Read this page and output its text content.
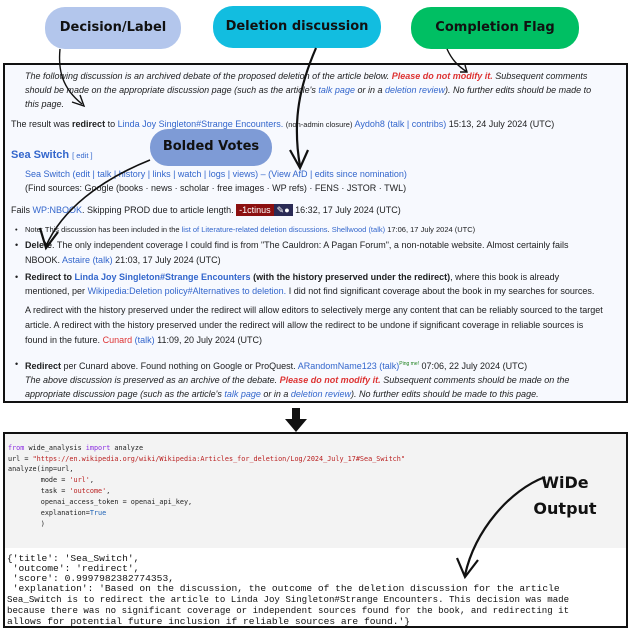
Decision/Label	Deletion discussion	Completion Flag
The following discussion is an archived debate of the proposed deletion of the article below. Please do not modify it. Subsequent comments
should be made on the appropriate discussion page (such as the article's talk page or in a deletion review). No further edits should be made to
this page.
The result was redirect to Linda Joy Singleton#Strange Encounters. (non-admin closure) Aydoh8 (talk | contribs) 15:13, 24 July 2024 (UTC)
Sea Switch [ edit ]
Sea Switch (edit | talk | history | links | watch | logs | views) – (View AfD | edits since nomination)
(Find sources: Google (books · news · scholar · free images · WP refs) · FENS · JSTOR · TWL)
Fails WP:NBOOK. Skipping PROD due to article length. -1ctinus ✎● 16:32, 17 July 2024 (UTC)
• Note: This discussion has been included in the list of Literature-related deletion discussions. Shellwood (talk) 17:06, 17 July 2024 (UTC)
• Delete. The only independent coverage I could find is from "The Cauldron: A Pagan Forum", a non-notable website. Almost certainly fails
NBOOK. Astaire (talk) 21:03, 17 July 2024 (UTC)
• Redirect to Linda Joy Singleton#Strange Encounters (with the history preserved under the redirect), where this book is already
mentioned, per Wikipedia:Deletion policy#Alternatives to deletion. I did not find significant coverage about the book in my searches for sources.
A redirect with the history preserved under the redirect will allow editors to selectively merge any content that can be reliably sourced to the target
article. A redirect with the history preserved under the redirect will allow the redirect to be undone if significant coverage in reliable sources is
found in the future. Cunard (talk) 11:09, 20 July 2024 (UTC)
• Redirect per Cunard above. Found nothing on Google or ProQuest. ARandomName123 (talk)$^{Ping me!}$ 07:06, 22 July 2024 (UTC)
The above discussion is preserved as an archive of the debate. Please do not modify it. Subsequent comments should be made on the
appropriate discussion page (such as the article's talk page or in a deletion review). No further edits should be made to this page.
Bolded Votes
from wide_analysis import analyze
url = "https://en.wikipedia.org/wiki/Wikipedia:Articles_for_deletion/Log/2024_July_17#Sea_Switch"
analyze(inp=url,
mode = 'url',
task = 'outcome',
openai_access_token = openai_api_key,
explanation=True
)
{'title': 'Sea_Switch',
'outcome': 'redirect',
'score': 0.9997982382774353,
'explanation': 'Based on the discussion, the outcome of the deletion discussion for the article
Sea_Switch is to redirect the article to Linda Joy Singleton#Strange Encounters. This decision was made
because there was no significant coverage or independent sources found for the book, and redirecting it
allows for potential future inclusion if reliable sources are found.'}
WiDe Output
